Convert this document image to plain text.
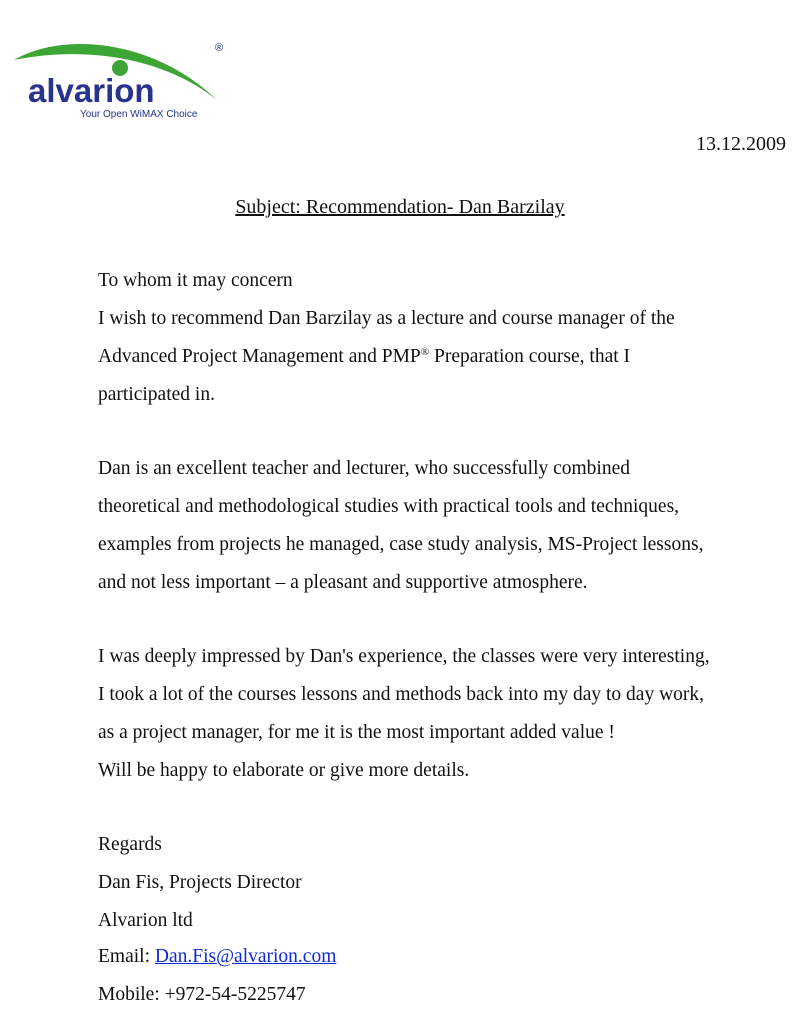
®
alvarion
Your Open WiMAX Choice
13.12.2009
Subject: Recommendation- Dan Barzilay
To whom it may concern
I wish to recommend Dan Barzilay as a lecture and course manager of the
Advanced Project Management and PMP® Preparation course, that I
participated in.
Dan is an excellent teacher and lecturer, who successfully combined
theoretical and methodological studies with practical tools and techniques,
examples from projects he managed, case study analysis, MS-Project lessons,
and not less important – a pleasant and supportive atmosphere.
I was deeply impressed by Dan's experience, the classes were very interesting,
I took a lot of the courses lessons and methods back into my day to day work,
as a project manager, for me it is the most important added value !
Will be happy to elaborate or give more details.
Regards
Dan Fis, Projects Director
Alvarion ltd
Email: Dan.Fis@alvarion.com
Mobile: +972-54-5225747
